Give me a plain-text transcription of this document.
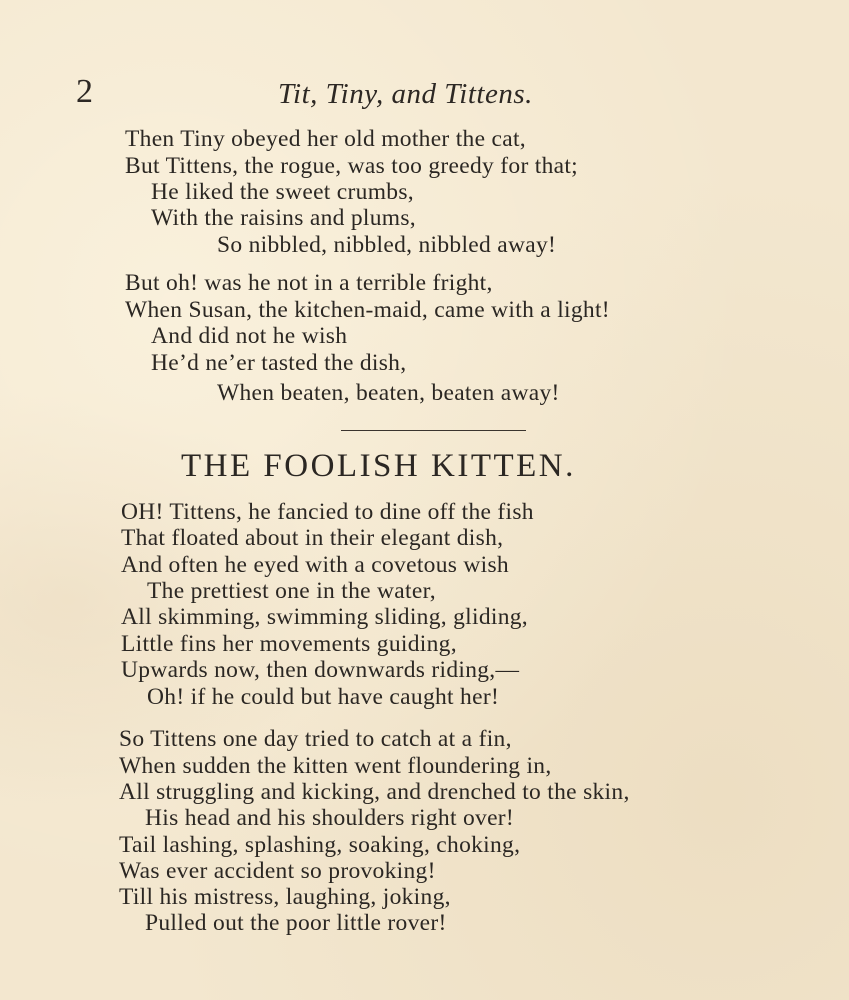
2	Tit, Tiny, and Tittens.
Then Tiny obeyed her old mother the cat,
But Tittens, the rogue, was too greedy for that;
He liked the sweet crumbs,
With the raisins and plums,
So nibbled, nibbled, nibbled away!
But oh! was he not in a terrible fright,
When Susan, the kitchen-maid, came with a light!
And did not he wish
He’d ne’er tasted the dish,
When beaten, beaten, beaten away!
THE FOOLISH KITTEN.
OH! Tittens, he fancied to dine off the fish
That floated about in their elegant dish,
And often he eyed with a covetous wish
The prettiest one in the water,
All skimming, swimming sliding, gliding,
Little fins her movements guiding,
Upwards now, then downwards riding,—
Oh! if he could but have caught her!
So Tittens one day tried to catch at a fin,
When sudden the kitten went floundering in,
All struggling and kicking, and drenched to the skin,
His head and his shoulders right over!
Tail lashing, splashing, soaking, choking,
Was ever accident so provoking!
Till his mistress, laughing, joking,
Pulled out the poor little rover!
